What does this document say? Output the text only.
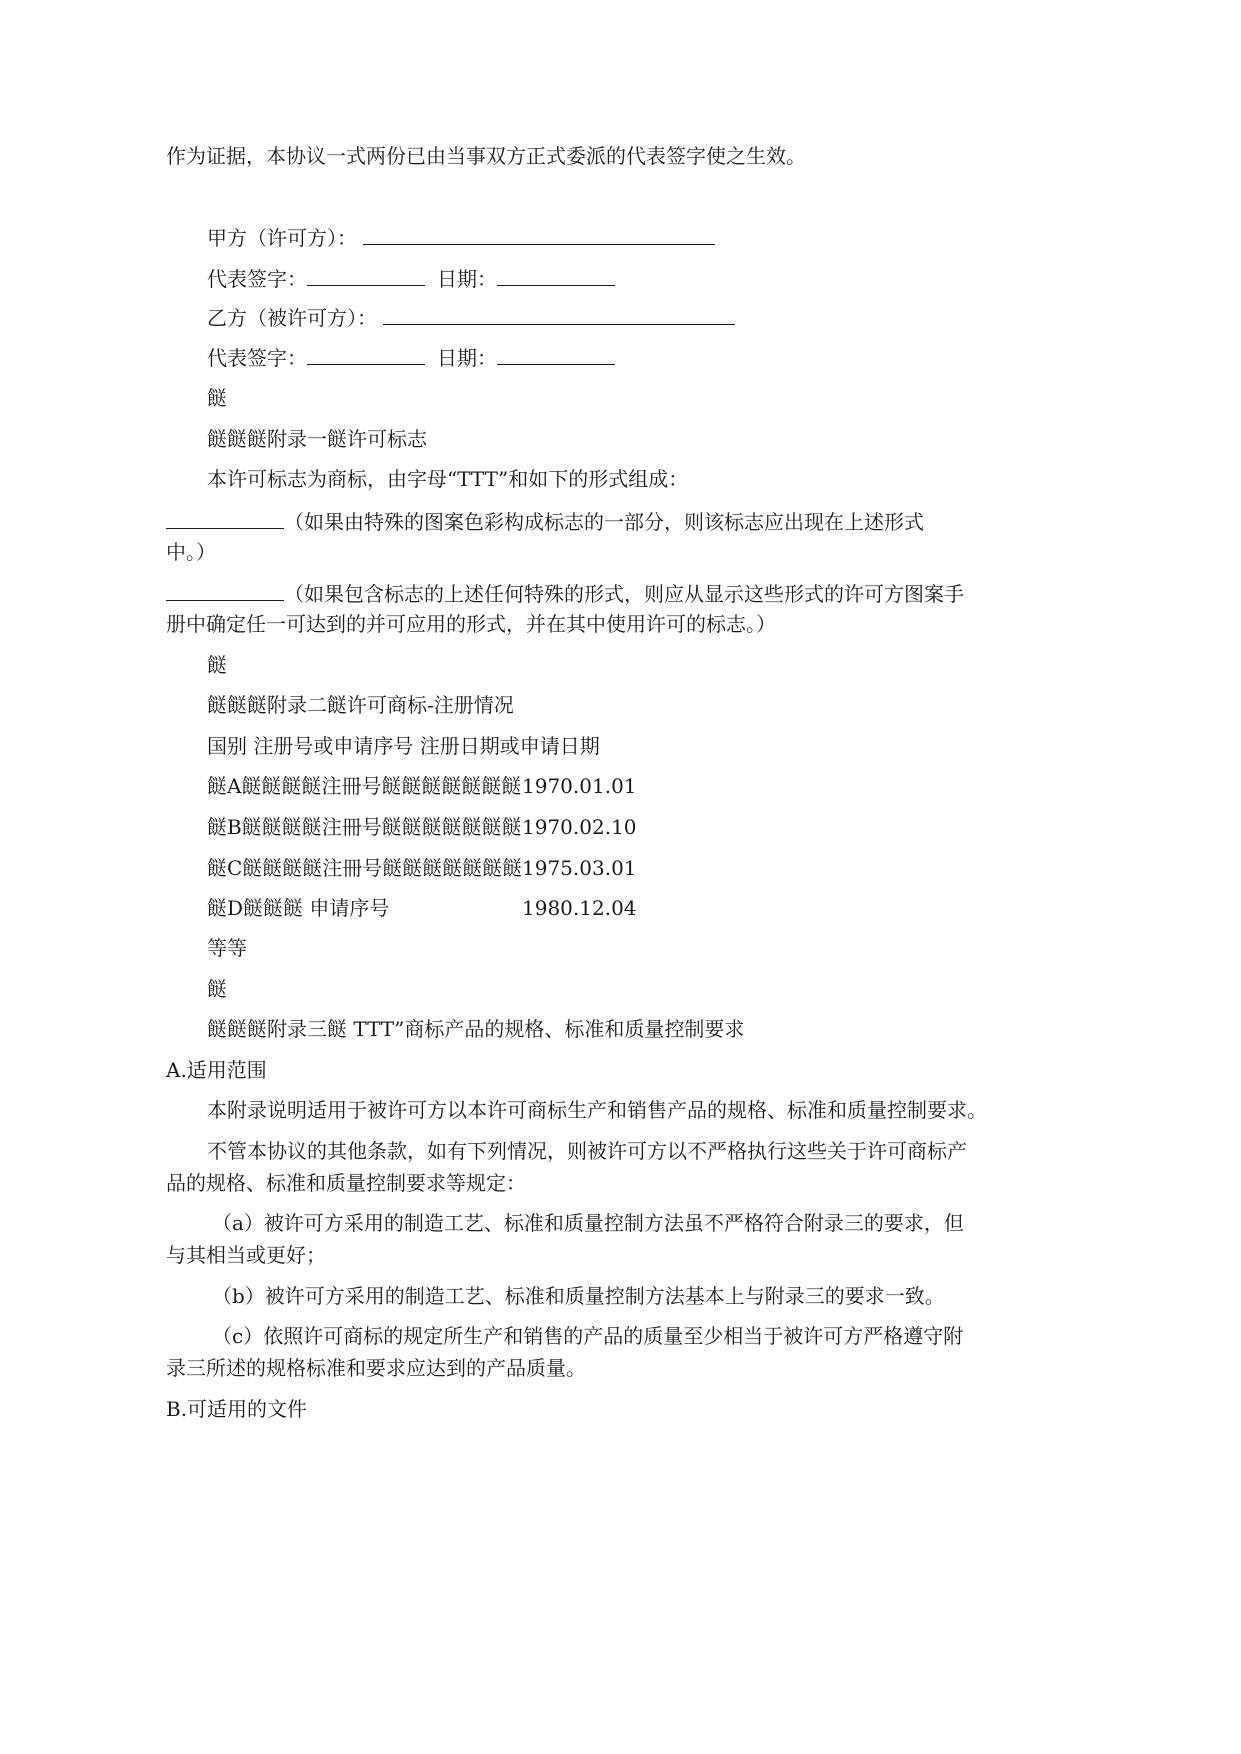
作为证据，本协议一式两份已由当事双方正式委派的代表签字使之生效。
甲方（许可方）：
代表签字：	日期：
乙方（被许可方）：
代表签字：	日期：
餸
餸餸餸附录一餸许可标志
本许可标志为商标，由字母“TTT”和如下的形式组成：
（如果由特殊的图案色彩构成标志的一部分，则该标志应出现在上述形式
中。）
（如果包含标志的上述任何特殊的形式，则应从显示这些形式的许可方图案手
册中确定任一可达到的并可应用的形式，并在其中使用许可的标志。）
餸
餸餸餸附录二餸许可商标-注册情况
国别 注册号或申请序号 注册日期或申请日期
餸A餸餸餸餸注冊号餸餸餸餸餸餸餸 1970.01.01
餸B餸餸餸餸注冊号餸餸餸餸餸餸餸 1970.02.10
餸C餸餸餸餸注冊号餸餸餸餸餸餸餸 1975.03.01
餸D餸餸餸 申请序号	1980.12.04
等等
餸
餸餸餸附录三餸 TTT”商标产品的规格、标准和质量控制要求
A.适用范围
本附录说明适用于被许可方以本许可商标生产和销售产品的规格、标准和质量控制要求。
不管本协议的其他条款，如有下列情况，则被许可方以不严格执行这些关于许可商标产
品的规格、标准和质量控制要求等规定：
（a）被许可方采用的制造工艺、标准和质量控制方法虽不严格符合附录三的要求，但
与其相当或更好；
（b）被许可方采用的制造工艺、标准和质量控制方法基本上与附录三的要求一致。
（c）依照许可商标的规定所生产和销售的产品的质量至少相当于被许可方严格遵守附
录三所述的规格标准和要求应达到的产品质量。
B.可适用的文件
